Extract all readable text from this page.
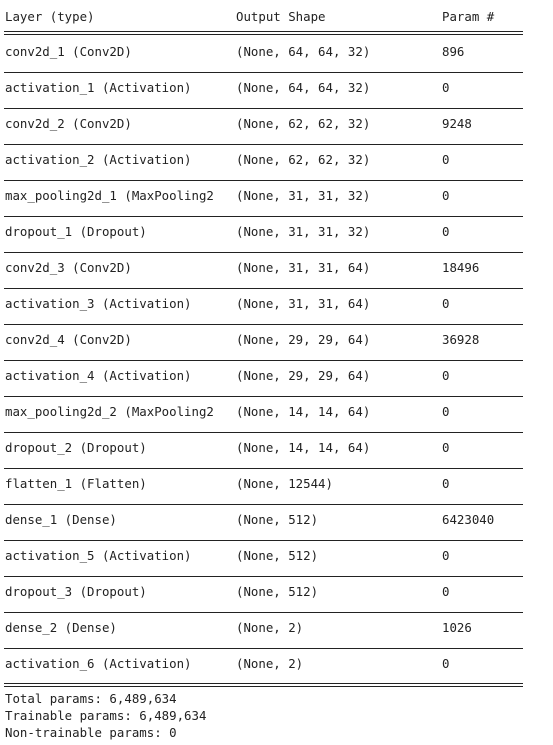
Layer (type)	Output Shape	Param #
conv2d_1 (Conv2D)	(None, 64, 64, 32)	896
activation_1 (Activation)	(None, 64, 64, 32)	0
conv2d_2 (Conv2D)	(None, 62, 62, 32)	9248
activation_2 (Activation)	(None, 62, 62, 32)	0
max_pooling2d_1 (MaxPooling2 (None, 31, 31, 32)	0
dropout_1 (Dropout)	(None, 31, 31, 32)	0
conv2d_3 (Conv2D)	(None, 31, 31, 64)	18496
activation_3 (Activation)	(None, 31, 31, 64)	0
conv2d_4 (Conv2D)	(None, 29, 29, 64)	36928
activation_4 (Activation)	(None, 29, 29, 64)	0
max_pooling2d_2 (MaxPooling2 (None, 14, 14, 64)	0
dropout_2 (Dropout)	(None, 14, 14, 64)	0
flatten_1 (Flatten)	(None, 12544)	0
dense_1 (Dense)	(None, 512)	6423040
activation_5 (Activation)	(None, 512)	0
dropout_3 (Dropout)	(None, 512)	0
dense_2 (Dense)	(None, 2)	1026
activation_6 (Activation)	(None, 2)	0
Total params: 6,489,634
Trainable params: 6,489,634
Non-trainable params: 0
